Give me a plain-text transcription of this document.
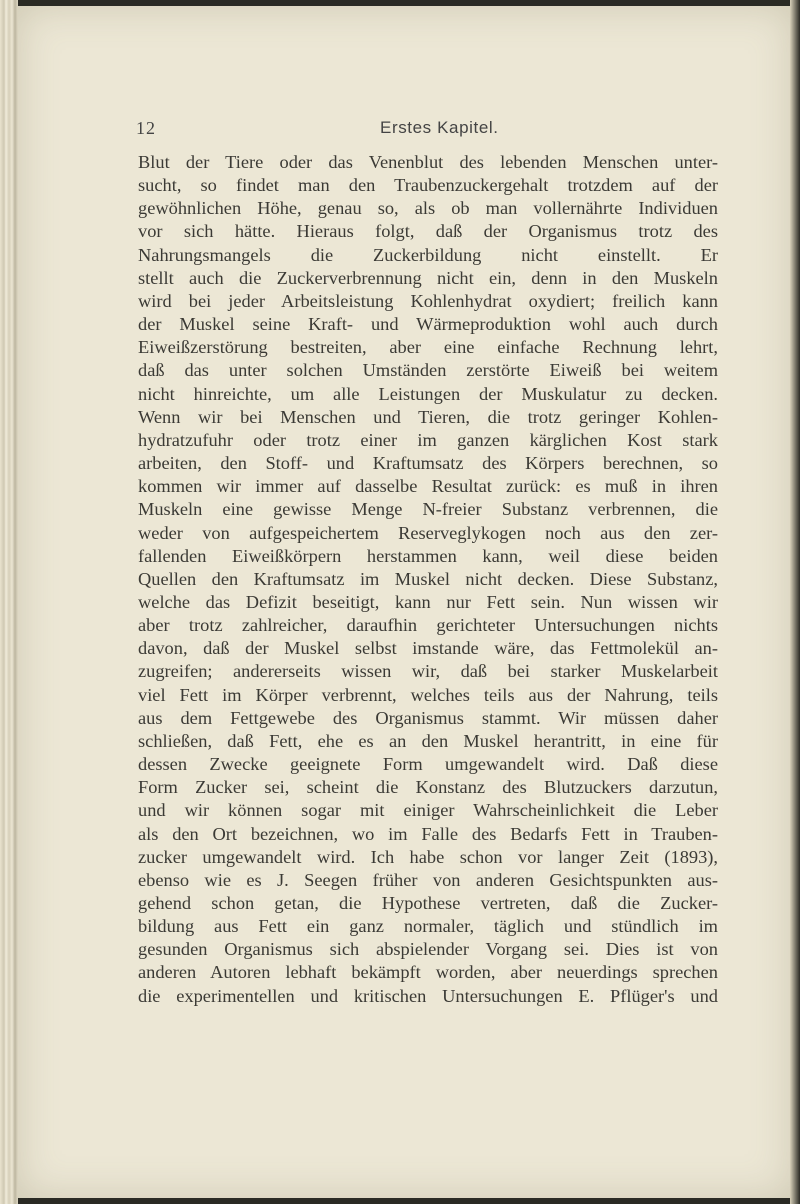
12	Erstes Kapitel.
Blut der Tiere oder das Venenblut des lebenden Menschen unter-
sucht, so findet man den Traubenzuckergehalt trotzdem auf der
gewöhnlichen Höhe, genau so, als ob man vollernährte Individuen
vor sich hätte. Hieraus folgt, daß der Organismus trotz des
Nahrungsmangels die Zuckerbildung nicht einstellt. Er
stellt auch die Zuckerverbrennung nicht ein, denn in den Muskeln
wird bei jeder Arbeitsleistung Kohlenhydrat oxydiert; freilich kann
der Muskel seine Kraft- und Wärmeproduktion wohl auch durch
Eiweißzerstörung bestreiten, aber eine einfache Rechnung lehrt,
daß das unter solchen Umständen zerstörte Eiweiß bei weitem
nicht hinreichte, um alle Leistungen der Muskulatur zu decken.
Wenn wir bei Menschen und Tieren, die trotz geringer Kohlen-
hydratzufuhr oder trotz einer im ganzen kärglichen Kost stark
arbeiten, den Stoff- und Kraftumsatz des Körpers berechnen, so
kommen wir immer auf dasselbe Resultat zurück: es muß in ihren
Muskeln eine gewisse Menge N-freier Substanz verbrennen, die
weder von aufgespeichertem Reserveglykogen noch aus den zer-
fallenden Eiweißkörpern herstammen kann, weil diese beiden
Quellen den Kraftumsatz im Muskel nicht decken. Diese Substanz,
welche das Defizit beseitigt, kann nur Fett sein. Nun wissen wir
aber trotz zahlreicher, daraufhin gerichteter Untersuchungen nichts
davon, daß der Muskel selbst imstande wäre, das Fettmolekül an-
zugreifen; andererseits wissen wir, daß bei starker Muskelarbeit
viel Fett im Körper verbrennt, welches teils aus der Nahrung, teils
aus dem Fettgewebe des Organismus stammt. Wir müssen daher
schließen, daß Fett, ehe es an den Muskel herantritt, in eine für
dessen Zwecke geeignete Form umgewandelt wird. Daß diese
Form Zucker sei, scheint die Konstanz des Blutzuckers darzutun,
und wir können sogar mit einiger Wahrscheinlichkeit die Leber
als den Ort bezeichnen, wo im Falle des Bedarfs Fett in Trauben-
zucker umgewandelt wird. Ich habe schon vor langer Zeit (1893),
ebenso wie es J. Seegen früher von anderen Gesichtspunkten aus-
gehend schon getan, die Hypothese vertreten, daß die Zucker-
bildung aus Fett ein ganz normaler, täglich und stündlich im
gesunden Organismus sich abspielender Vorgang sei. Dies ist von
anderen Autoren lebhaft bekämpft worden, aber neuerdings sprechen
die experimentellen und kritischen Untersuchungen E. Pflüger's und
